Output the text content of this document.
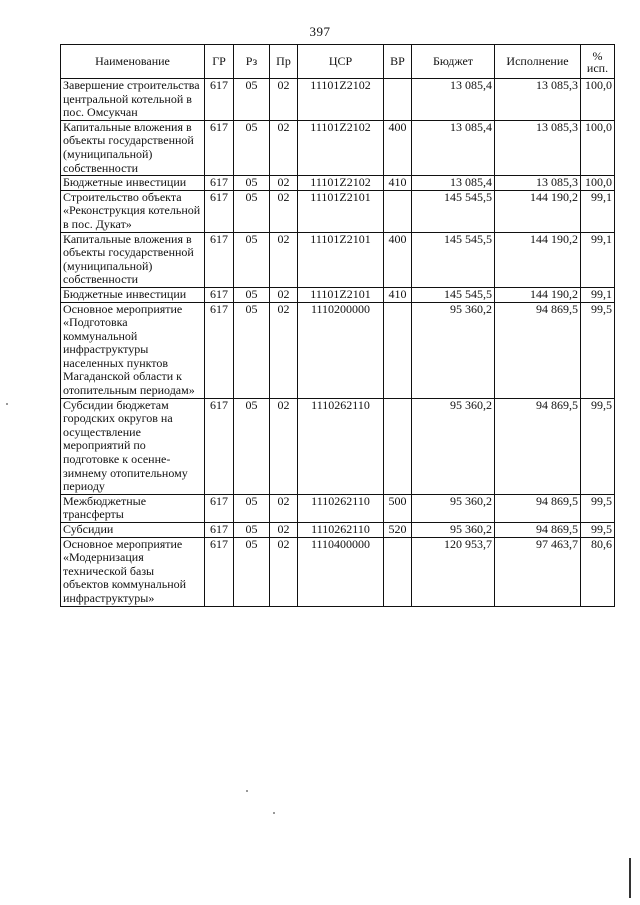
397
Наименование	ГР	Рз	Пр	ЦСР	ВР	Бюджет	Исполнение	%
исп.
Завершение строительства центральной котельной в пос. Омсукчан	617	05	02	11101Z2102		13 085,4	13 085,3	100,0
Капитальные вложения в объекты государственной (муниципальной) собственности	617	05	02	11101Z2102	400	13 085,4	13 085,3	100,0
Бюджетные инвестиции	617	05	02	11101Z2102	410	13 085,4	13 085,3	100,0
Строительство объекта «Реконструкция котельной в пос. Дукат»	617	05	02	11101Z2101		145 545,5	144 190,2	99,1
Капитальные вложения в объекты государственной (муниципальной) собственности	617	05	02	11101Z2101	400	145 545,5	144 190,2	99,1
Бюджетные инвестиции	617	05	02	11101Z2101	410	145 545,5	144 190,2	99,1
Основное мероприятие «Подготовка коммунальной инфраструктуры населенных пунктов Магаданской области к отопительным периодам»	617	05	02	1110200000		95 360,2	94 869,5	99,5
Субсидии бюджетам городских округов на осуществление мероприятий по подготовке к осенне-зимнему отопительному периоду	617	05	02	1110262110		95 360,2	94 869,5	99,5
Межбюджетные трансферты	617	05	02	1110262110	500	95 360,2	94 869,5	99,5
Субсидии	617	05	02	1110262110	520	95 360,2	94 869,5	99,5
Основное мероприятие «Модернизация технической базы объектов коммунальной инфраструктуры»	617	05	02	1110400000		120 953,7	97 463,7	80,6
